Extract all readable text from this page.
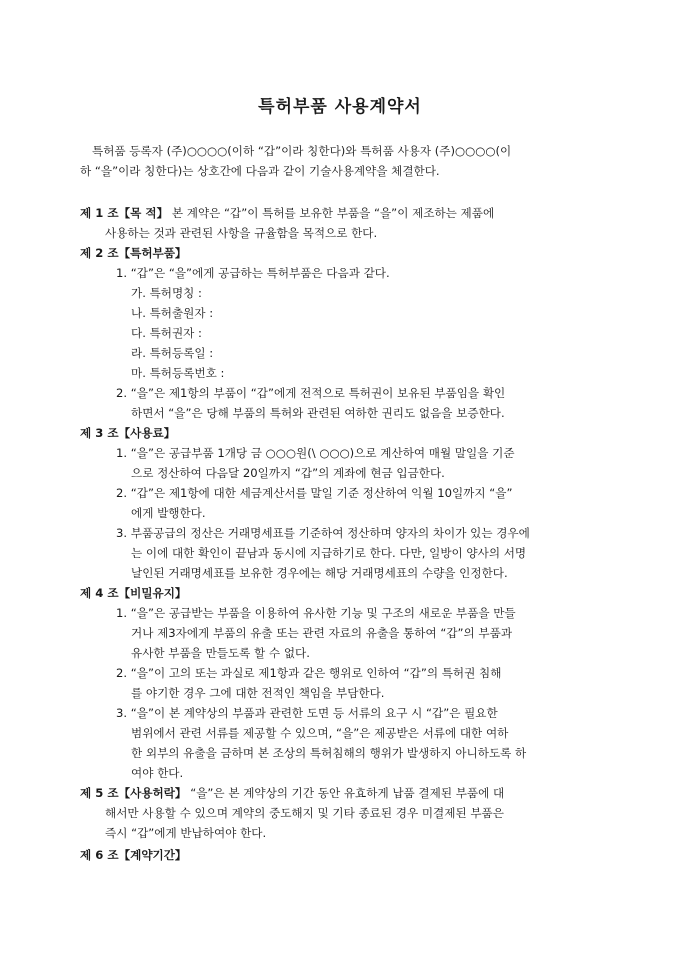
특허부품 사용계약서
특허품 등록자 (주)○○○○(이하 “갑”이라 칭한다)와 특허품 사용자 (주)○○○○(이
하 “을”이라 칭한다)는 상호간에 다음과 같이 기술사용계약을 체결한다.
제 1 조【목 적】 본 계약은 “갑”이 특허를 보유한 부품을 “을”이 제조하는 제품에
사용하는 것과 관련된 사항을 규율함을 목적으로 한다.
제 2 조【특허부품】
1. “갑”은 “을”에게 공급하는 특허부품은 다음과 같다.
가. 특허명칭 :
나. 특허출원자 :
다. 특허권자 :
라. 특허등록일 :
마. 특허등록번호 :
2. “을”은 제1항의 부품이 “갑”에게 전적으로 특허권이 보유된 부품임을 확인
하면서 “을”은 당해 부품의 특허와 관련된 여하한 권리도 없음을 보증한다.
제 3 조【사용료】
1. “을”은 공급부품 1개당 금 ○○○원(\ ○○○)으로 계산하여 매월 말일을 기준
으로 정산하여 다음달 20일까지 “갑”의 계좌에 현금 입금한다.
2. “갑”은 제1항에 대한 세금계산서를 말일 기준 정산하여 익월 10일까지 “을”
에게 발행한다.
3. 부품공급의 정산은 거래명세표를 기준하여 정산하며 양자의 차이가 있는 경우에
는 이에 대한 확인이 끝남과 동시에 지급하기로 한다. 다만, 일방이 양사의 서명
날인된 거래명세표를 보유한 경우에는 해당 거래명세표의 수량을 인정한다.
제 4 조【비밀유지】
1. “을”은 공급받는 부품을 이용하여 유사한 기능 및 구조의 새로운 부품을 만들
거나 제3자에게 부품의 유출 또는 관련 자료의 유출을 통하여 “갑”의 부품과
유사한 부품을 만들도록 할 수 없다.
2. “을”이 고의 또는 과실로 제1항과 같은 행위로 인하여 “갑”의 특허권 침해
를 야기한 경우 그에 대한 전적인 책임을 부담한다.
3. “을”이 본 계약상의 부품과 관련한 도면 등 서류의 요구 시 “갑”은 필요한
범위에서 관련 서류를 제공할 수 있으며, “을”은 제공받은 서류에 대한 여하
한 외부의 유출을 금하며 본 조상의 특허침해의 행위가 발생하지 아니하도록 하
여야 한다.
제 5 조【사용허락】 “을”은 본 계약상의 기간 동안 유효하게 납품 결제된 부품에 대
해서만 사용할 수 있으며 계약의 중도해지 및 기타 종료된 경우 미결제된 부품은
즉시 “갑”에게 반납하여야 한다.
제 6 조【계약기간】
